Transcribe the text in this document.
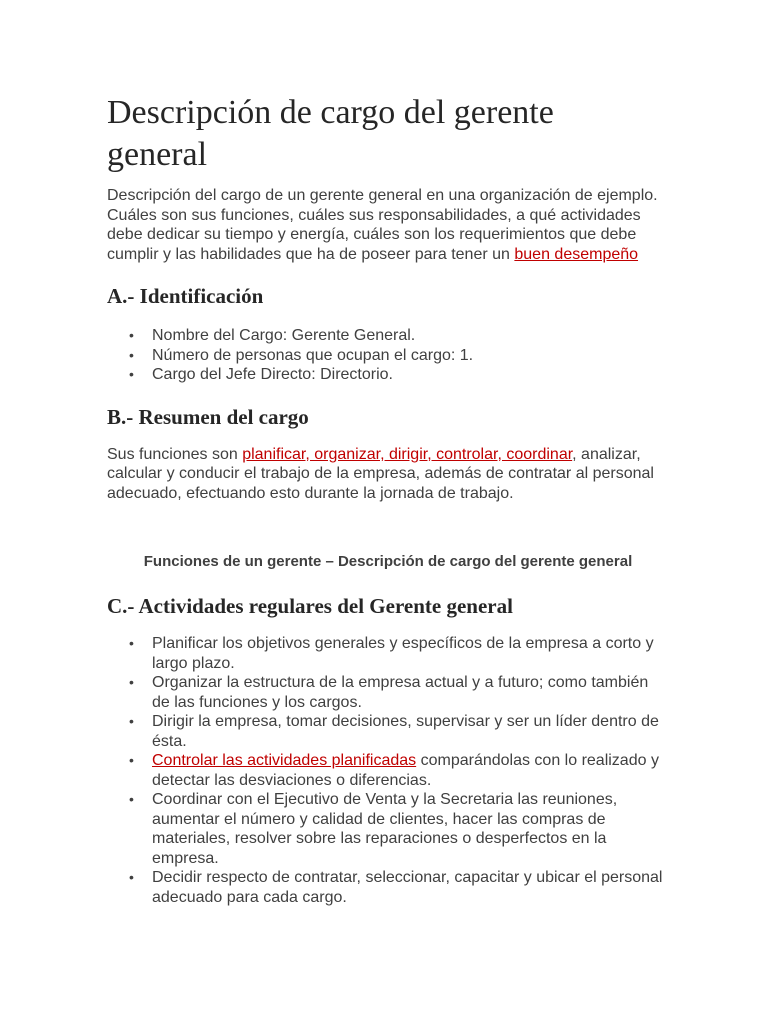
Descripción de cargo del gerente
general

Descripción del cargo de un gerente general en una organización de ejemplo. Cuáles son sus funciones, cuáles sus responsabilidades, a qué actividades debe dedicar su tiempo y energía, cuáles son los requerimientos que debe cumplir y las habilidades que ha de poseer para tener un buen desempeño

A.- Identificación
• Nombre del Cargo: Gerente General.
• Número de personas que ocupan el cargo: 1.
• Cargo del Jefe Directo: Directorio.
B.- Resumen del cargo

Sus funciones son planificar, organizar, dirigir, controlar, coordinar, analizar, calcular y conducir el trabajo de la empresa, además de contratar al personal adecuado, efectuando esto durante la jornada de trabajo.

Funciones de un gerente – Descripción de cargo del gerente general

C.- Actividades regulares del Gerente general
• Planificar los objetivos generales y específicos de la empresa a corto y largo plazo.
• Organizar la estructura de la empresa actual y a futuro; como también de las funciones y los cargos.
• Dirigir la empresa, tomar decisiones, supervisar y ser un líder dentro de ésta.
• Controlar las actividades planificadas comparándolas con lo realizado y detectar las desviaciones o diferencias.
• Coordinar con el Ejecutivo de Venta y la Secretaria las reuniones, aumentar el número y calidad de clientes, hacer las compras de materiales, resolver sobre las reparaciones o desperfectos en la empresa.
• Decidir respecto de contratar, seleccionar, capacitar y ubicar el personal adecuado para cada cargo.
